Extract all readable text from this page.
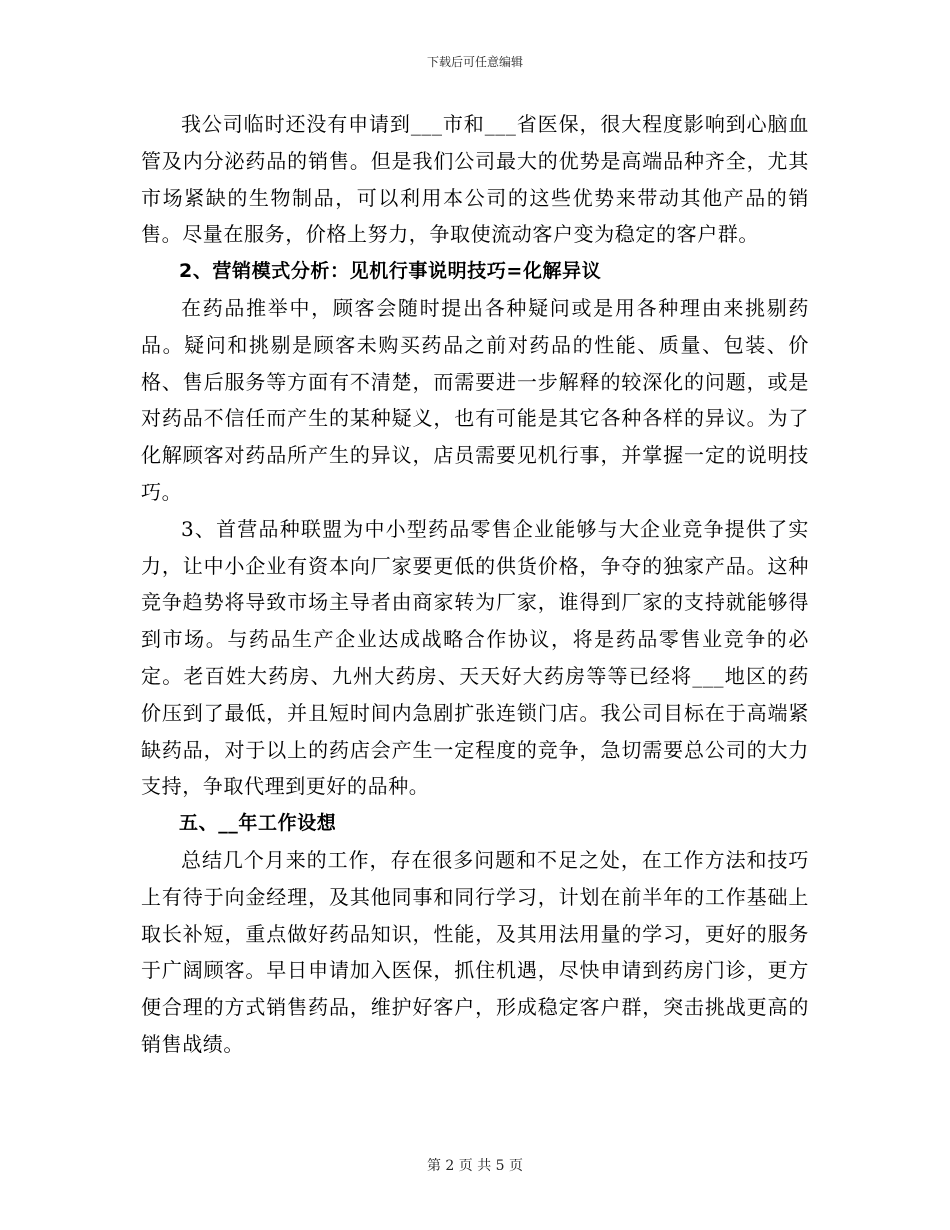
下载后可任意编辑

我公司临时还没有申请到___市和___省医保，很大程度影响到心脑血管及内分泌药品的销售。但是我们公司最大的优势是高端品种齐全，尤其市场紧缺的生物制品，可以利用本公司的这些优势来带动其他产品的销售。尽量在服务，价格上努力，争取使流动客户变为稳定的客户群。

2、营销模式分析：见机行事说明技巧=化解异议

在药品推举中，顾客会随时提出各种疑问或是用各种理由来挑剔药品。疑问和挑剔是顾客未购买药品之前对药品的性能、质量、包装、价格、售后服务等方面有不清楚，而需要进一步解释的较深化的问题，或是对药品不信任而产生的某种疑义，也有可能是其它各种各样的异议。为了化解顾客对药品所产生的异议，店员需要见机行事，并掌握一定的说明技巧。

3、首营品种联盟为中小型药品零售企业能够与大企业竞争提供了实力，让中小企业有资本向厂家要更低的供货价格，争夺的独家产品。这种竞争趋势将导致市场主导者由商家转为厂家，谁得到厂家的支持就能够得到市场。与药品生产企业达成战略合作协议，将是药品零售业竞争的必定。老百姓大药房、九州大药房、天天好大药房等等已经将___地区的药价压到了最低，并且短时间内急剧扩张连锁门店。我公司目标在于高端紧缺药品，对于以上的药店会产生一定程度的竞争，急切需要总公司的大力支持，争取代理到更好的品种。

五、__年工作设想

总结几个月来的工作，存在很多问题和不足之处，在工作方法和技巧上有待于向金经理，及其他同事和同行学习，计划在前半年的工作基础上取长补短，重点做好药品知识，性能，及其用法用量的学习，更好的服务于广阔顾客。早日申请加入医保，抓住机遇，尽快申请到药房门诊，更方便合理的方式销售药品，维护好客户，形成稳定客户群，突击挑战更高的销售战绩。

第 2 页 共 5 页
